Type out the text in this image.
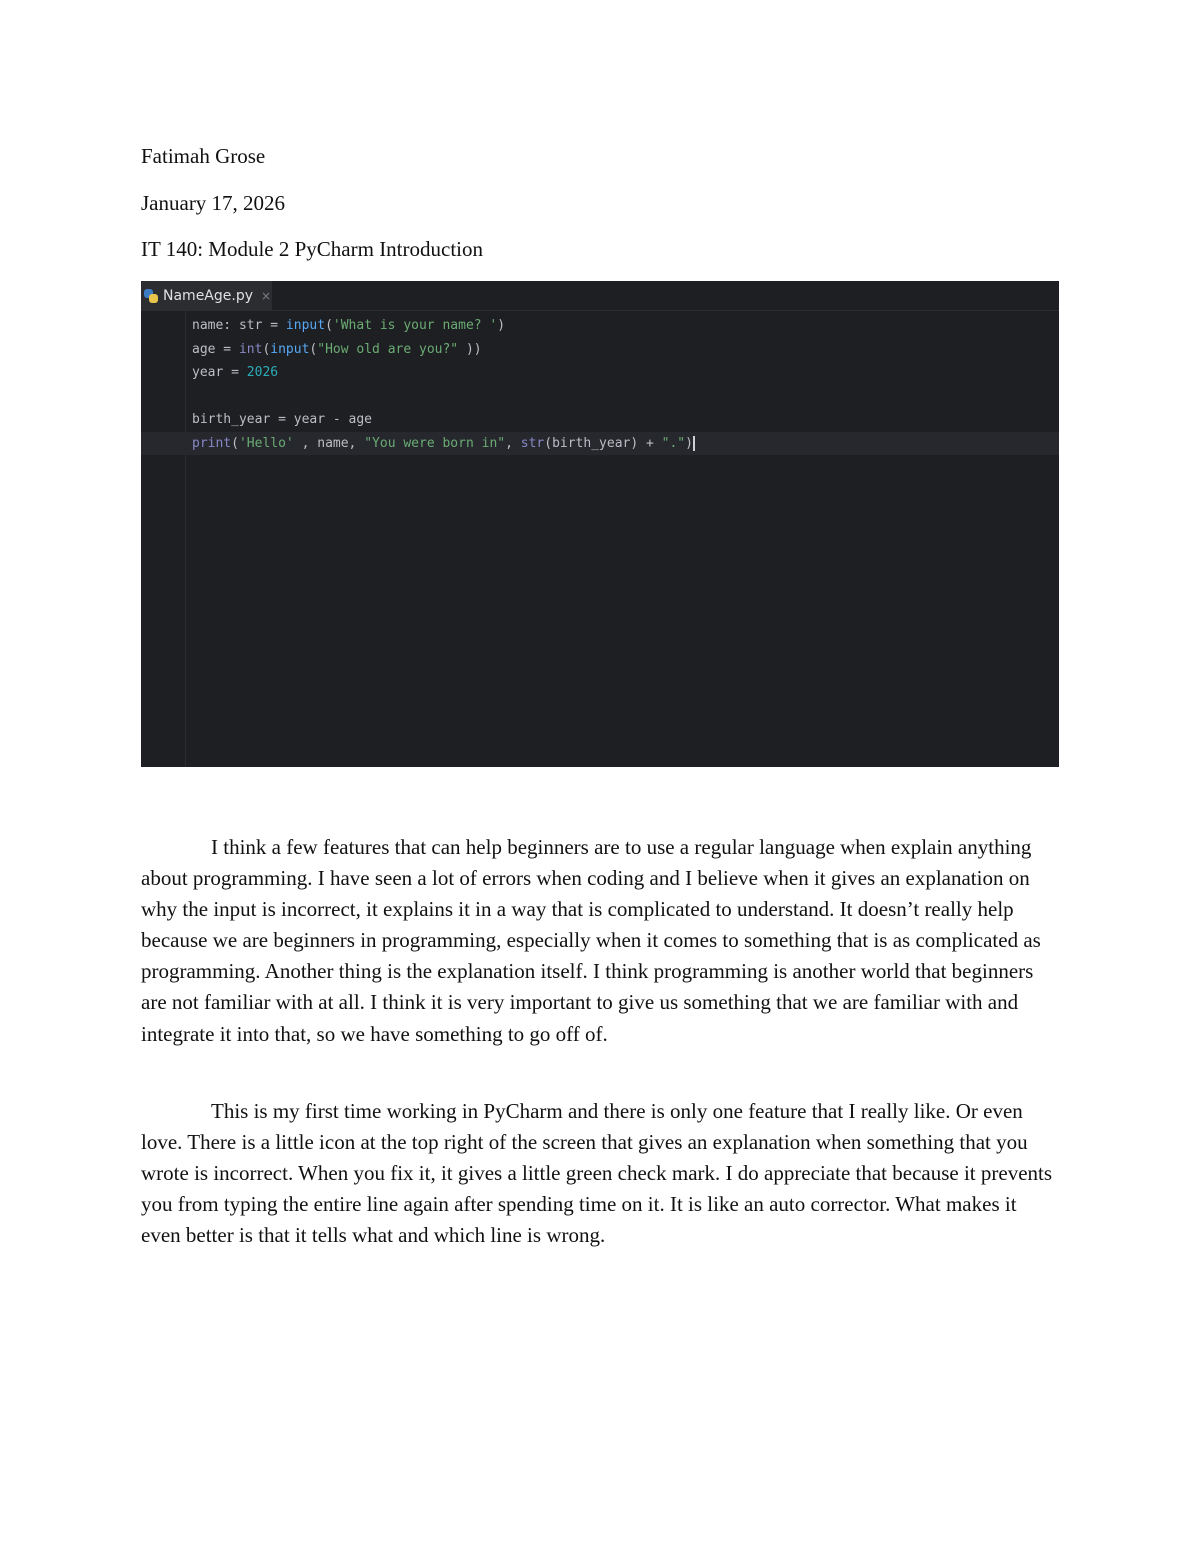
Fatimah Grose
January 17, 2026
IT 140: Module 2 PyCharm Introduction
NameAge.py ×
name: str = input('What is your name? ')
age = int(input("How old are you?" ))
year = 2026

birth_year = year - age
print('Hello' , name, "You were born in", str(birth_year) + ".")
I think a few features that can help beginners are to use a regular language when explain anything about programming. I have seen a lot of errors when coding and I believe when it gives an explanation on why the input is incorrect, it explains it in a way that is complicated to understand. It doesn’t really help because we are beginners in programming, especially when it comes to something that is as complicated as programming. Another thing is the explanation itself. I think programming is another world that beginners are not familiar with at all. I think it is very important to give us something that we are familiar with and integrate it into that, so we have something to go off of.
This is my first time working in PyCharm and there is only one feature that I really like. Or even love. There is a little icon at the top right of the screen that gives an explanation when something that you wrote is incorrect. When you fix it, it gives a little green check mark. I do appreciate that because it prevents you from typing the entire line again after spending time on it. It is like an auto corrector. What makes it even better is that it tells what and which line is wrong.
